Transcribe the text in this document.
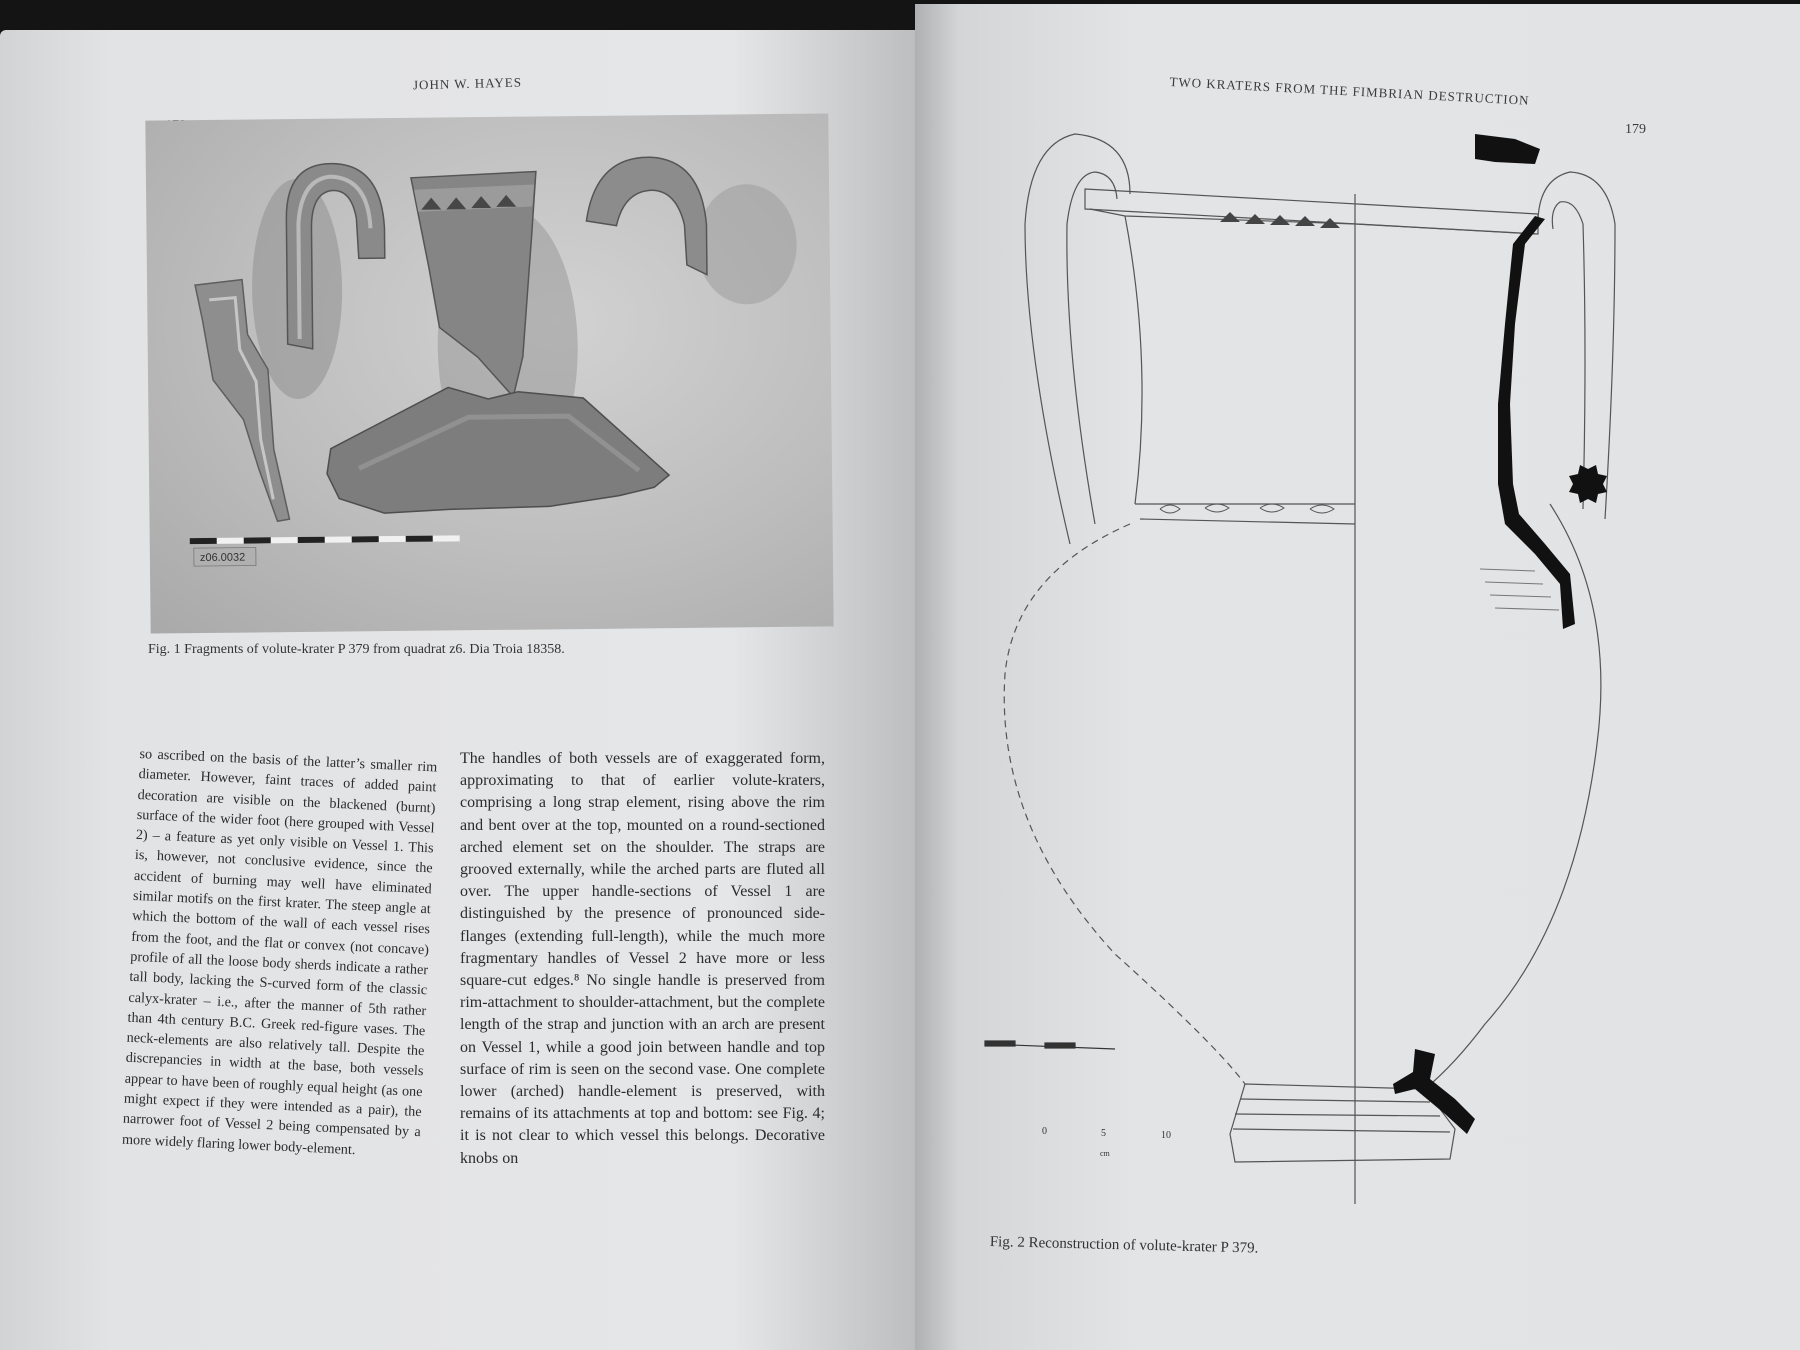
JOHN W. HAYES
z06.0032
Fig. 1 Fragments of volute-krater P 379 from quadrat z6. Dia Troia 18358.

so ascribed on the basis of the latter’s smaller rim diameter. However, faint traces of added paint decoration are visible on the blackened (burnt) surface of the wider foot (here grouped with Vessel 2) – a feature as yet only visible on Vessel 1. This is, however, not conclusive evidence, since the accident of burning may well have eliminated similar motifs on the first krater. The steep angle at which the bottom of the wall of each vessel rises from the foot, and the flat or convex (not concave) profile of all the loose body sherds indicate a rather tall body, lacking the S-curved form of the classic calyx-krater – i.e., after the manner of 5th rather than 4th century B.C. Greek red-figure vases. The neck-elements are also relatively tall. Despite the discrepancies in width at the base, both vessels appear to have been of roughly equal height (as one might expect if they were intended as a pair), the narrower foot of Vessel 2 being compensated by a more widely flaring lower body-element.

The handles of both vessels are of exaggerated form, approximating to that of earlier volute-kraters, comprising a long strap element, rising above the rim and bent over at the top, mounted on a round-sectioned arched element set on the shoulder. The straps are grooved externally, while the arched parts are fluted all over. The upper handle-sections of Vessel 1 are distinguished by the presence of pronounced side-flanges (extending full-length), while the much more fragmentary handles of Vessel 2 have more or less square-cut edges.⁸ No single handle is preserved from rim-attachment to shoulder-attachment, but the complete length of the strap and junction with an arch are present on Vessel 1, while a good join between handle and top surface of rim is seen on the second vase. One complete lower (arched) handle-element is preserved, with remains of its attachments at top and bottom: see Fig. 4; it is not clear to which vessel this belongs. Decorative knobs on

TWO KRATERS FROM THE FIMBRIAN DESTRUCTION
179
0	5	10
cm
Fig. 2 Reconstruction of volute-krater P 379.
